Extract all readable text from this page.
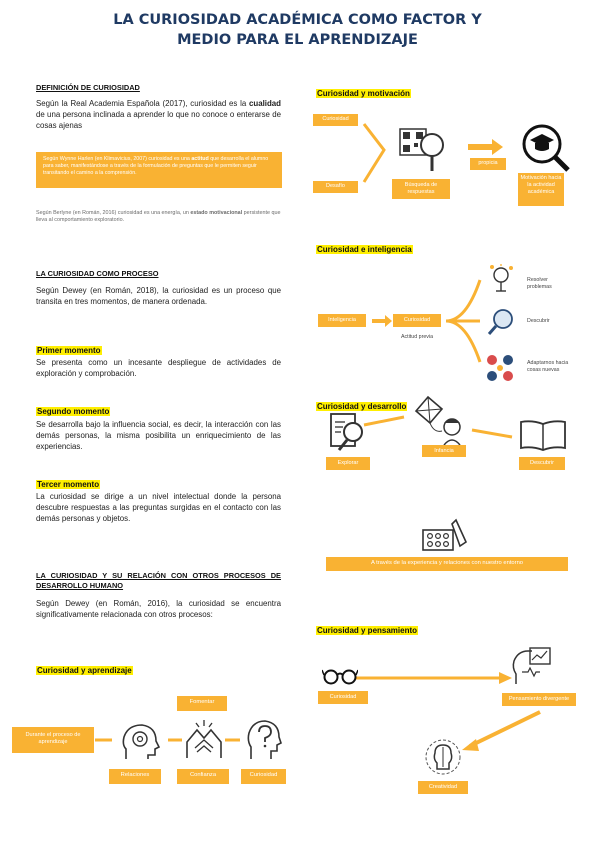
LA CURIOSIDAD ACADÉMICA COMO FACTOR Y
MEDIO PARA EL APRENDIZAJE
DEFINICIÓN DE CURIOSIDAD
Según la Real Academia Española (2017), curiosidad es la cualidad de una persona inclinada a aprender lo que no conoce o enterarse de cosas ajenas
Según Wynne Harlen (en Klimavicius, 2007) curiosidad es una actitud que desarrolla el alumno para saber, manifestándose a través de la formulación de preguntas que le permiten seguir transitando el camino a la comprensión.
Según Berlyne (en Román, 2016) curiosidad es una energía, un estado motivacional persistente que lleva al comportamiento exploratorio.
LA CURIOSIDAD COMO PROCESO
Según Dewey (en Román, 2018), la curiosidad es un proceso que transita en tres momentos, de manera ordenada.
Primer momento
Se presenta como un incesante despliegue de actividades de exploración y comprobación.
Segundo momento
Se desarrolla bajo la influencia social, es decir, la interacción con las demás personas, la misma posibilita un enriquecimiento de las experiencias.
Tercer momento
La curiosidad se dirige a un nivel intelectual donde la persona descubre respuestas a las preguntas surgidas en el contacto con las demás personas y objetos.
LA CURIOSIDAD Y SU RELACIÓN CON OTROS PROCESOS DE DESARROLLO HUMANO
Según Dewey (en Román, 2016), la curiosidad se encuentra significativamente relacionada con otros procesos:
Curiosidad y aprendizaje
Durante el proceso de aprendizaje
Fomentar
Relaciones	Confianza	Curiosidad
Curiosidad y motivación
Curiosidad
Desafío	Búsqueda de respuestas
propicia
Motivación hacia la actividad académica
Curiosidad e inteligencia
Inteligencia	Curiosidad
Actitud previa
Resolver problemas
Descubrir
Adaptarnos hacia cosas nuevas
Curiosidad y desarrollo
Explorar
Infancia
Descubrir
A través de la experiencia y relaciones con nuestro entorno
Curiosidad y pensamiento
Curiosidad	Pensamiento divergente
Creatividad
